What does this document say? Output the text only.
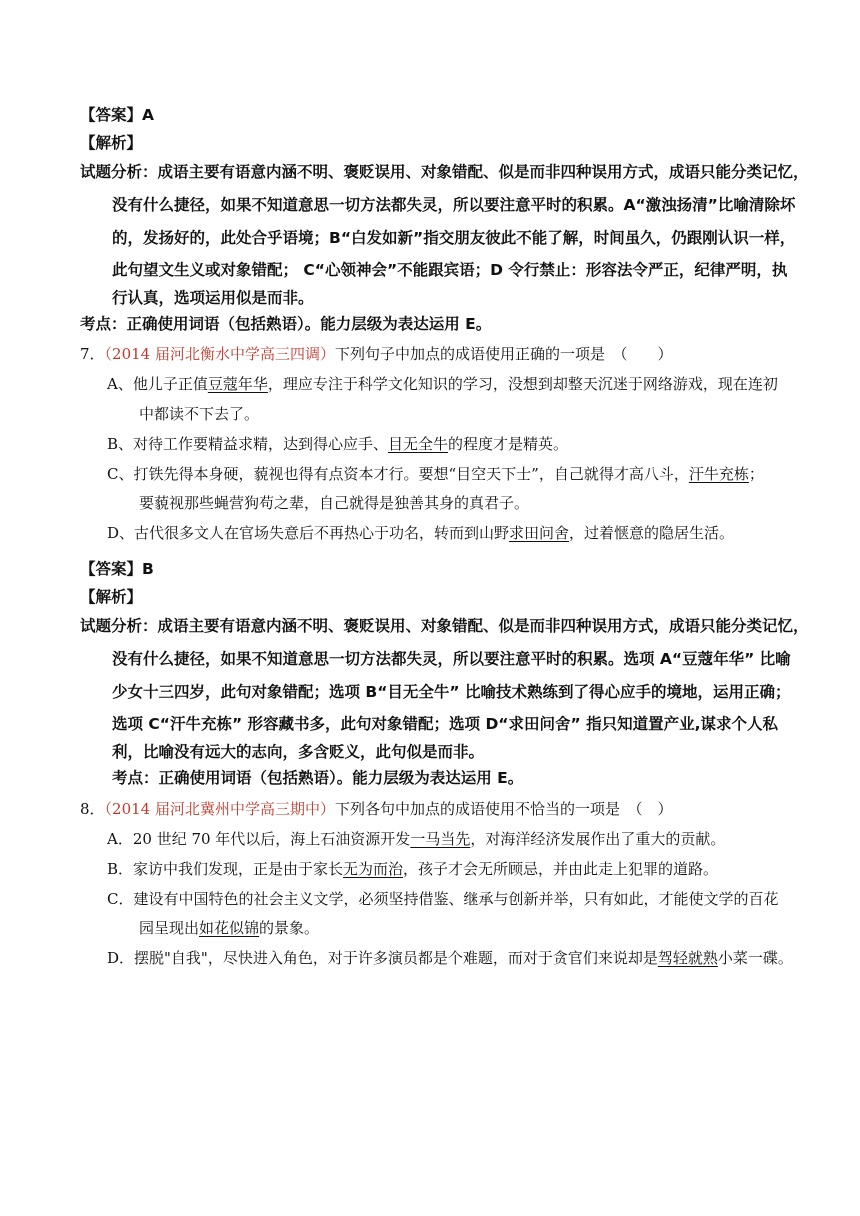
【答案】A
【解析】
试题分析：成语主要有语意内涵不明、褒贬误用、对象错配、似是而非四种误用方式，成语只能分类记忆，
没有什么捷径，如果不知道意思一切方法都失灵，所以要注意平时的积累。A“激浊扬清”比喻清除坏
的，发扬好的，此处合乎语境；B“白发如新”指交朋友彼此不能了解，时间虽久，仍跟刚认识一样，
此句望文生义或对象错配； C“心领神会”不能跟宾语；D 令行禁止：形容法令严正，纪律严明，执
行认真，选项运用似是而非。
考点：正确使用词语（包括熟语）。能力层级为表达运用 E。
7．（2014 届河北衡水中学高三四调）下列句子中加点的成语使用正确的一项是　（　　）
A、他儿子正值豆蔻年华，理应专注于科学文化知识的学习，没想到却整天沉迷于网络游戏，现在连初
中都读不下去了。
B、对待工作要精益求精，达到得心应手、目无全牛的程度才是精英。
C、打铁先得本身硬，藐视也得有点资本才行。要想“目空天下士”，自己就得才高八斗，汗牛充栋；
要藐视那些蝇营狗苟之辈，自己就得是独善其身的真君子。
D、古代很多文人在官场失意后不再热心于功名，转而到山野求田问舍，过着惬意的隐居生活。
【答案】B
【解析】
试题分析：成语主要有语意内涵不明、褒贬误用、对象错配、似是而非四种误用方式，成语只能分类记忆，
没有什么捷径，如果不知道意思一切方法都失灵，所以要注意平时的积累。选项 A“豆蔻年华” 比喻
少女十三四岁，此句对象错配；选项 B“目无全牛” 比喻技术熟练到了得心应手的境地，运用正确；
选项 C“汗牛充栋” 形容藏书多，此句对象错配；选项 D“求田问舍” 指只知道置产业,谋求个人私
利，比喻没有远大的志向，多含贬义，此句似是而非。
考点：正确使用词语（包括熟语）。能力层级为表达运用 E。
8．（2014 届河北冀州中学高三期中）下列各句中加点的成语使用不恰当的一项是　（　）
A．20 世纪 70 年代以后，海上石油资源开发一马当先，对海洋经济发展作出了重大的贡献。
B．家访中我们发现，正是由于家长无为而治，孩子才会无所顾忌，并由此走上犯罪的道路。
C．建设有中国特色的社会主义文学，必须坚持借鉴、继承与创新并举，只有如此，才能使文学的百花
园呈现出如花似锦的景象。
D．摆脱"自我"，尽快进入角色，对于许多演员都是个难题，而对于贪官们来说却是驾轻就熟小菜一碟。
